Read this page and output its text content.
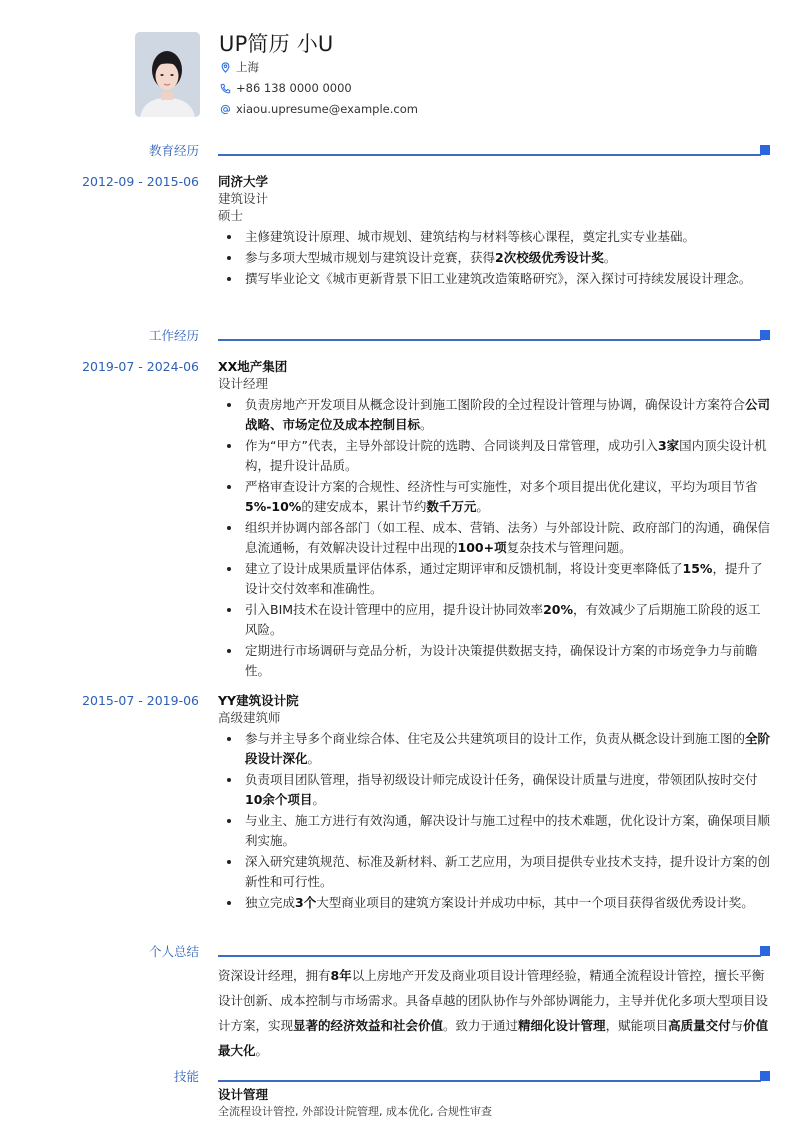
UP简历 小U
上海
+86 138 0000 0000
xiaou.upresume@example.com
教育经历
2012-09 - 2015-06 同济大学
建筑设计
硕士
主修建筑设计原理、城市规划、建筑结构与材料等核心课程，奠定扎实专业基础。
参与多项大型城市规划与建筑设计竞赛，获得2次校级优秀设计奖。
撰写毕业论文《城市更新背景下旧工业建筑改造策略研究》，深入探讨可持续发展设计理念。
工作经历
2019-07 - 2024-06 XX地产集团
设计经理
负责房地产开发项目从概念设计到施工图阶段的全过程设计管理与协调，确保设计方案符合公司战略、市场定位及成本控制目标。
作为“甲方”代表，主导外部设计院的选聘、合同谈判及日常管理，成功引入3家国内顶尖设计机构，提升设计品质。
严格审查设计方案的合规性、经济性与可实施性，对多个项目提出优化建议，平均为项目节省5%-10%的建安成本，累计节约数千万元。
组织并协调内部各部门（如工程、成本、营销、法务）与外部设计院、政府部门的沟通，确保信息流通畅，有效解决设计过程中出现的100+项复杂技术与管理问题。
建立了设计成果质量评估体系，通过定期评审和反馈机制，将设计变更率降低了15%，提升了设计交付效率和准确性。
引入BIM技术在设计管理中的应用，提升设计协同效率20%，有效减少了后期施工阶段的返工风险。
定期进行市场调研与竞品分析，为设计决策提供数据支持，确保设计方案的市场竞争力与前瞻性。
2015-07 - 2019-06 YY建筑设计院
高级建筑师
参与并主导多个商业综合体、住宅及公共建筑项目的设计工作，负责从概念设计到施工图的全阶段设计深化。
负责项目团队管理，指导初级设计师完成设计任务，确保设计质量与进度，带领团队按时交付10余个项目。
与业主、施工方进行有效沟通，解决设计与施工过程中的技术难题，优化设计方案，确保项目顺利实施。
深入研究建筑规范、标准及新材料、新工艺应用，为项目提供专业技术支持，提升设计方案的创新性和可行性。
独立完成3个大型商业项目的建筑方案设计并成功中标，其中一个项目获得省级优秀设计奖。
个人总结
资深设计经理，拥有8年以上房地产开发及商业项目设计管理经验，精通全流程设计管控，擅长平衡设计创新、成本控制与市场需求。具备卓越的团队协作与外部协调能力，主导并优化多项大型项目设计方案，实现显著的经济效益和社会价值。致力于通过精细化设计管理，赋能项目高质量交付与价值最大化。
技能
设计管理
全流程设计管控, 外部设计院管理, 成本优化, 合规性审查
